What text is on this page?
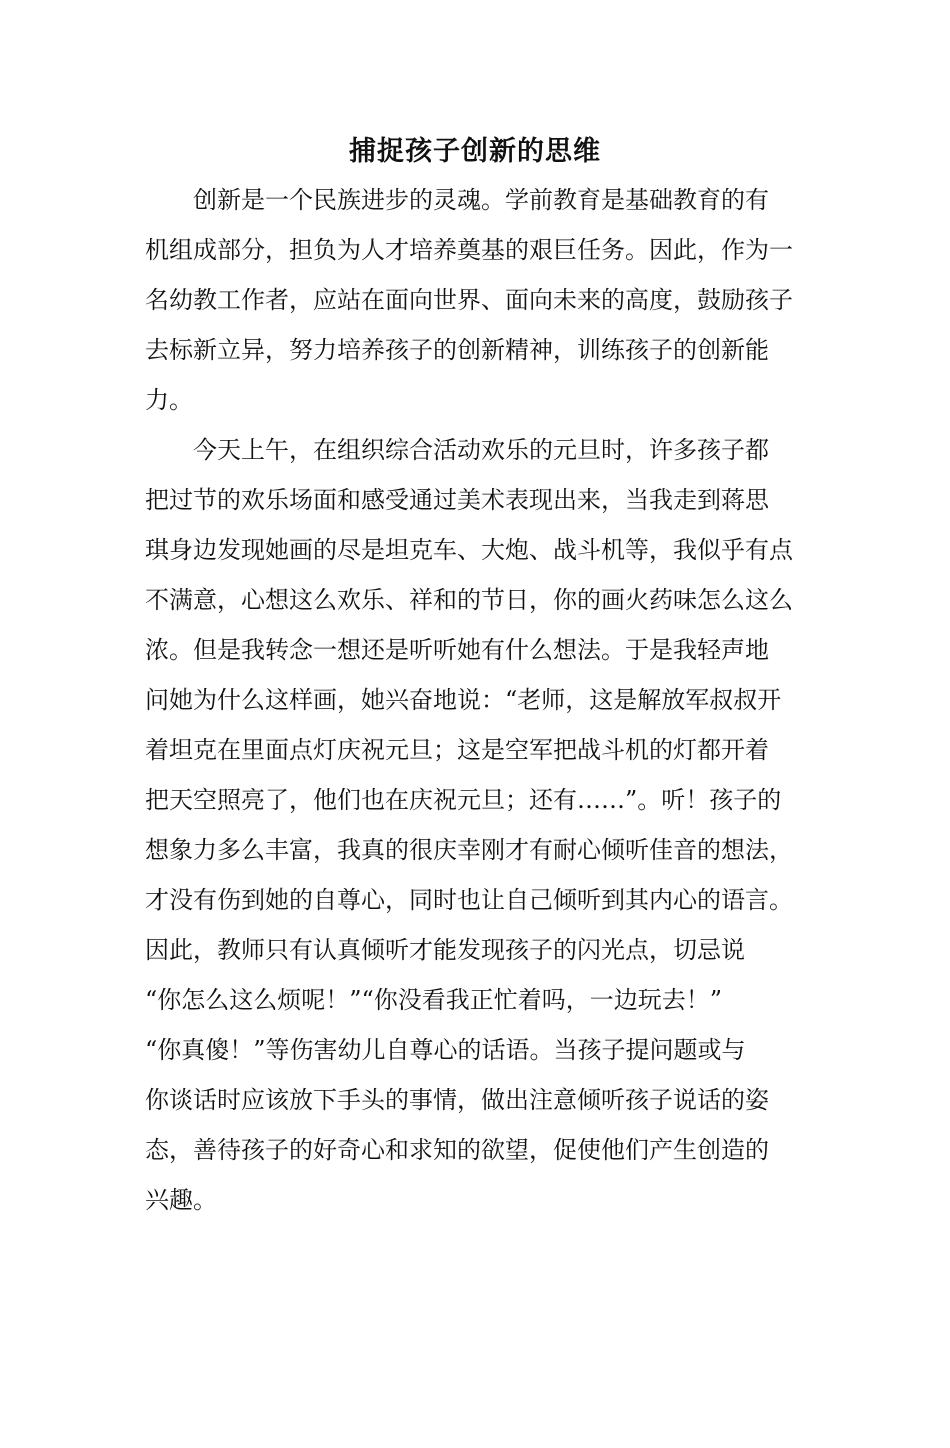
捕捉孩子创新的思维
创新是一个民族进步的灵魂。学前教育是基础教育的有
机组成部分，担负为人才培养奠基的艰巨任务。因此，作为一
名幼教工作者，应站在面向世界、面向未来的高度，鼓励孩子
去标新立异，努力培养孩子的创新精神，训练孩子的创新能
力。
今天上午，在组织综合活动欢乐的元旦时，许多孩子都
把过节的欢乐场面和感受通过美术表现出来，当我走到蒋思
琪身边发现她画的尽是坦克车、大炮、战斗机等，我似乎有点
不满意，心想这么欢乐、祥和的节日，你的画火药味怎么这么
浓。但是我转念一想还是听听她有什么想法。于是我轻声地
问她为什么这样画，她兴奋地说：“老师，这是解放军叔叔开
着坦克在里面点灯庆祝元旦；这是空军把战斗机的灯都开着
把天空照亮了，他们也在庆祝元旦；还有……”。听！孩子的
想象力多么丰富，我真的很庆幸刚才有耐心倾听佳音的想法，
才没有伤到她的自尊心，同时也让自己倾听到其内心的语言。
因此，教师只有认真倾听才能发现孩子的闪光点，切忌说
“你怎么这么烦呢！”“你没看我正忙着吗，一边玩去！”
“你真傻！”等伤害幼儿自尊心的话语。当孩子提问题或与
你谈话时应该放下手头的事情，做出注意倾听孩子说话的姿
态，善待孩子的好奇心和求知的欲望，促使他们产生创造的
兴趣。
